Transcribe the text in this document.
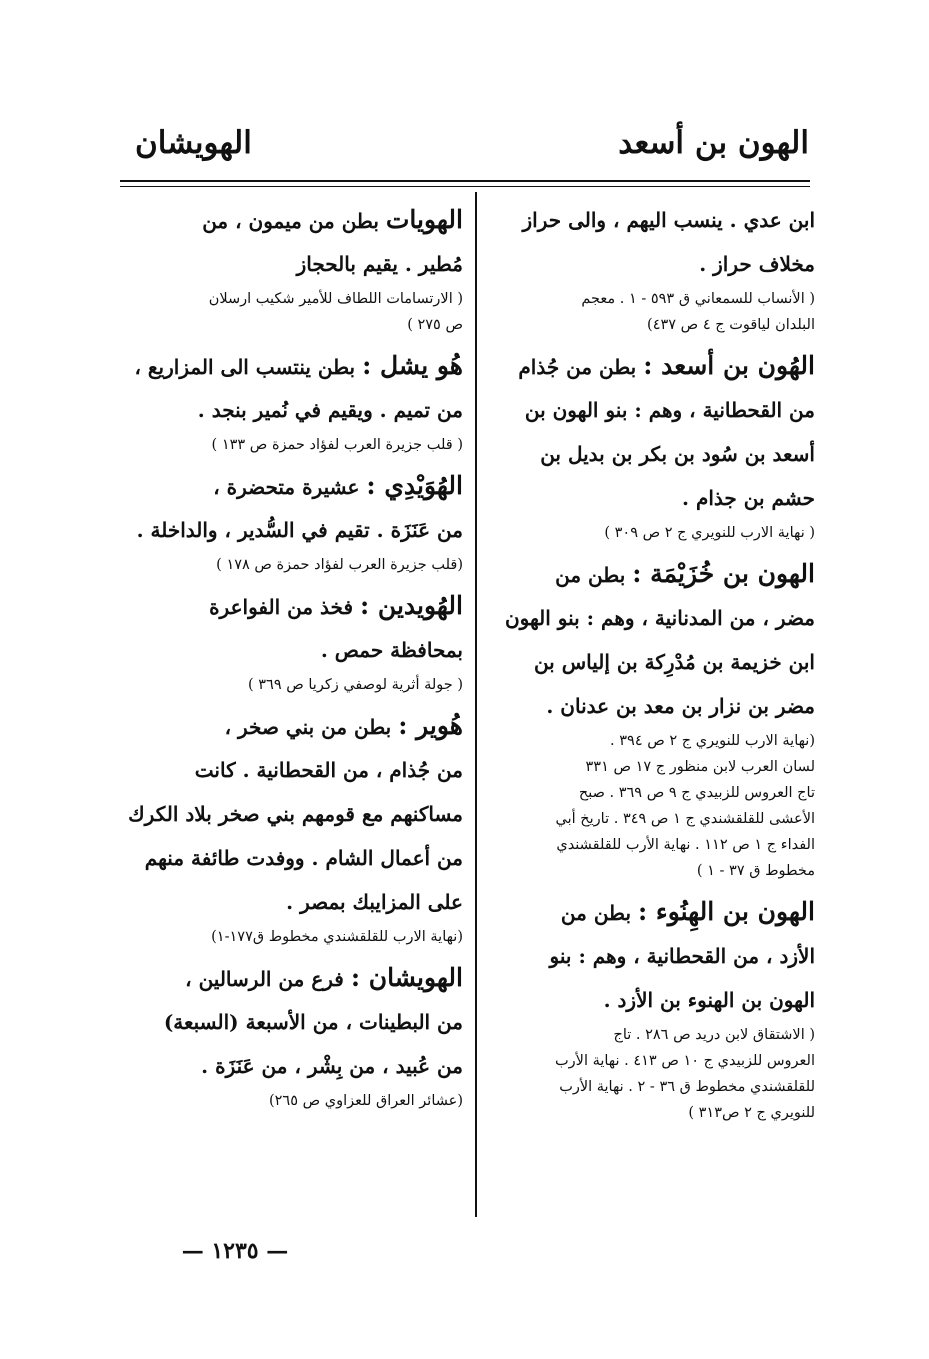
الهون بن أسعد
الهويشان
ابن عدي . ينسب اليهم ، والى حراز
مخلاف حراز .
( الأنساب للسمعاني ق ٥٩٣ - ١ . معجم
البلدان لياقوت ج ٤ ص ٤٣٧)
الهُون بن أسعد : بطن من جُذام
من القحطانية ، وهم : بنو الهون بن
أسعد بن سُود بن بكر بن بديل بن
حشم بن جذام .
( نهاية الارب للنويري ج ٢ ص ٣٠٩ )
الهون بن خُزَيْمَة : بطن من
مضر ، من المدنانية ، وهم : بنو الهون
ابن خزيمة بن مُدْرِكة بن إلياس بن
مضر بن نزار بن معد بن عدنان .
(نهاية الارب للنويري ج ٢ ص ٣٩٤ .
لسان العرب لابن منظور ج ١٧ ص ٣٣١
تاج العروس للزبيدي ج ٩ ص ٣٦٩ . صبح
الأعشى للقلقشندي ج ١ ص ٣٤٩ . تاريخ أبي
الفداء ج ١ ص ١١٢ . نهاية الأرب للقلقشندي
مخطوط ق ٣٧ - ١ )
الهون بن الهِنُوء : بطن من
الأزد ، من القحطانية ، وهم : بنو
الهون بن الهنوء بن الأزد .
( الاشتقاق لابن دريد ص ٢٨٦ . تاج
العروس للزبيدي ج ١٠ ص ٤١٣ . نهاية الأرب
للقلقشندي مخطوط ق ٣٦ - ٢ . نهاية الأرب
للنويري ج ٢ ص٣١٣ )
الهويات بطن من ميمون ، من
مُطير . يقيم بالحجاز
( الارتسامات اللطاف للأمير شكيب ارسلان
ص ٢٧٥ )
هُو يشل : بطن ينتسب الى المزاريع ،
من تميم . ويقيم في نُمير بنجد .
( قلب جزيرة العرب لفؤاد حمزة ص ١٣٣ )
الهُوَيْدِي : عشيرة متحضرة ،
من عَنَزَة . تقيم في السُّدير ، والداخلة .
(قلب جزيرة العرب لفؤاد حمزة ص ١٧٨ )
الهُويدين : فخذ من الفواعرة
بمحافظة حمص .
( جولة أثرية لوصفي زكريا ص ٣٦٩ )
هُوير : بطن من بني صخر ،
من جُذام ، من القحطانية . كانت
مساكنهم مع قومهم بني صخر بلاد الكرك
من أعمال الشام . ووفدت طائفة منهم
على المزايبك بمصر .
(نهاية الارب للقلقشندي مخطوط ق١٧٧-١)
الهويشان : فرع من الرسالين ،
من البطينات ، من الأسبعة (السبعة)
من عُبيد ، من بِشْر ، من عَنَزَة .
(عشائر العراق للعزاوي ص ٢٦٥)
— ١٢٣٥ —
